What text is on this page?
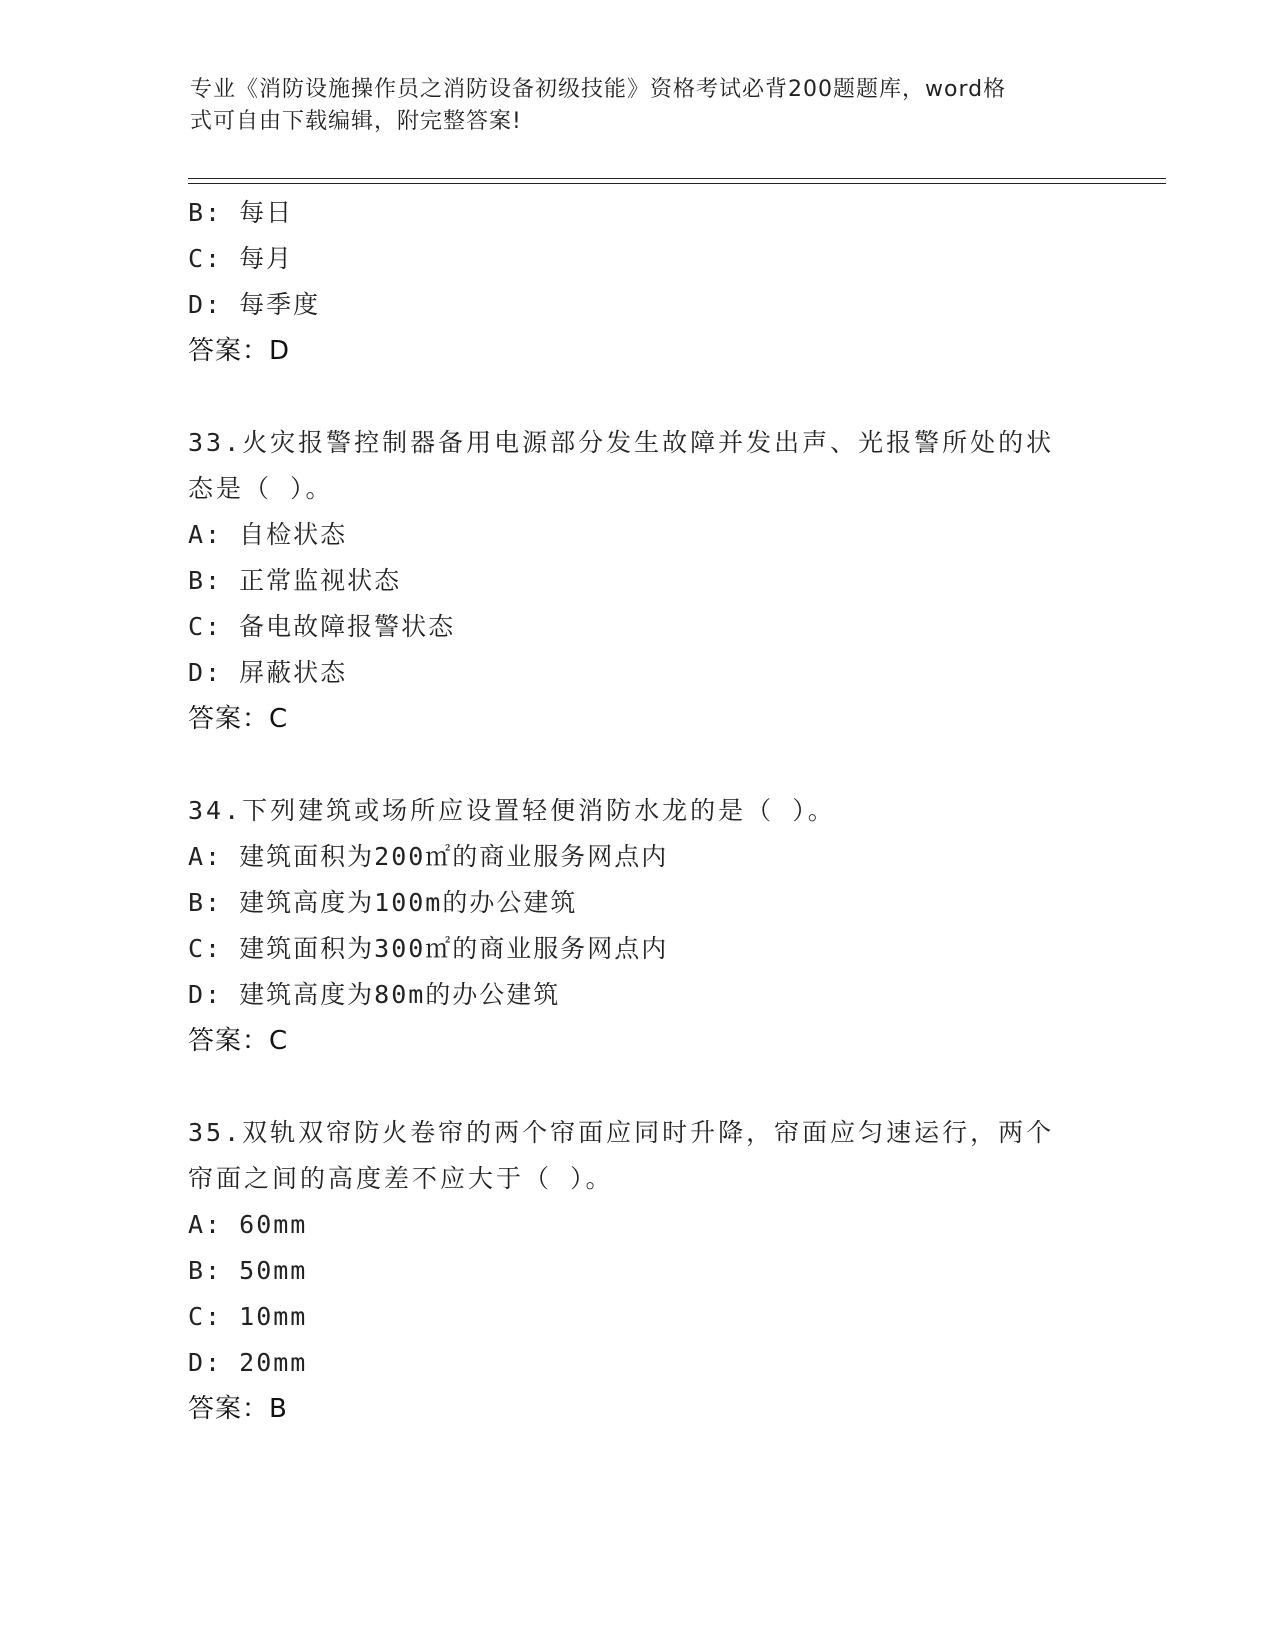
专业《消防设施操作员之消防设备初级技能》资格考试必背200题题库，word格
式可自由下载编辑，附完整答案!
B: 每日
C: 每月
D: 每季度
答案：D
33.火灾报警控制器备用电源部分发生故障并发出声、光报警所处的状
态是（ ）。
A: 自检状态
B: 正常监视状态
C: 备电故障报警状态
D: 屏蔽状态
答案：C
34.下列建筑或场所应设置轻便消防水龙的是（ ）。
A: 建筑面积为200㎡的商业服务网点内
B: 建筑高度为100m的办公建筑
C: 建筑面积为300㎡的商业服务网点内
D: 建筑高度为80m的办公建筑
答案：C
35.双轨双帘防火卷帘的两个帘面应同时升降，帘面应匀速运行，两个
帘面之间的高度差不应大于（ ）。
A: 60mm
B: 50mm
C: 10mm
D: 20mm
答案：B
